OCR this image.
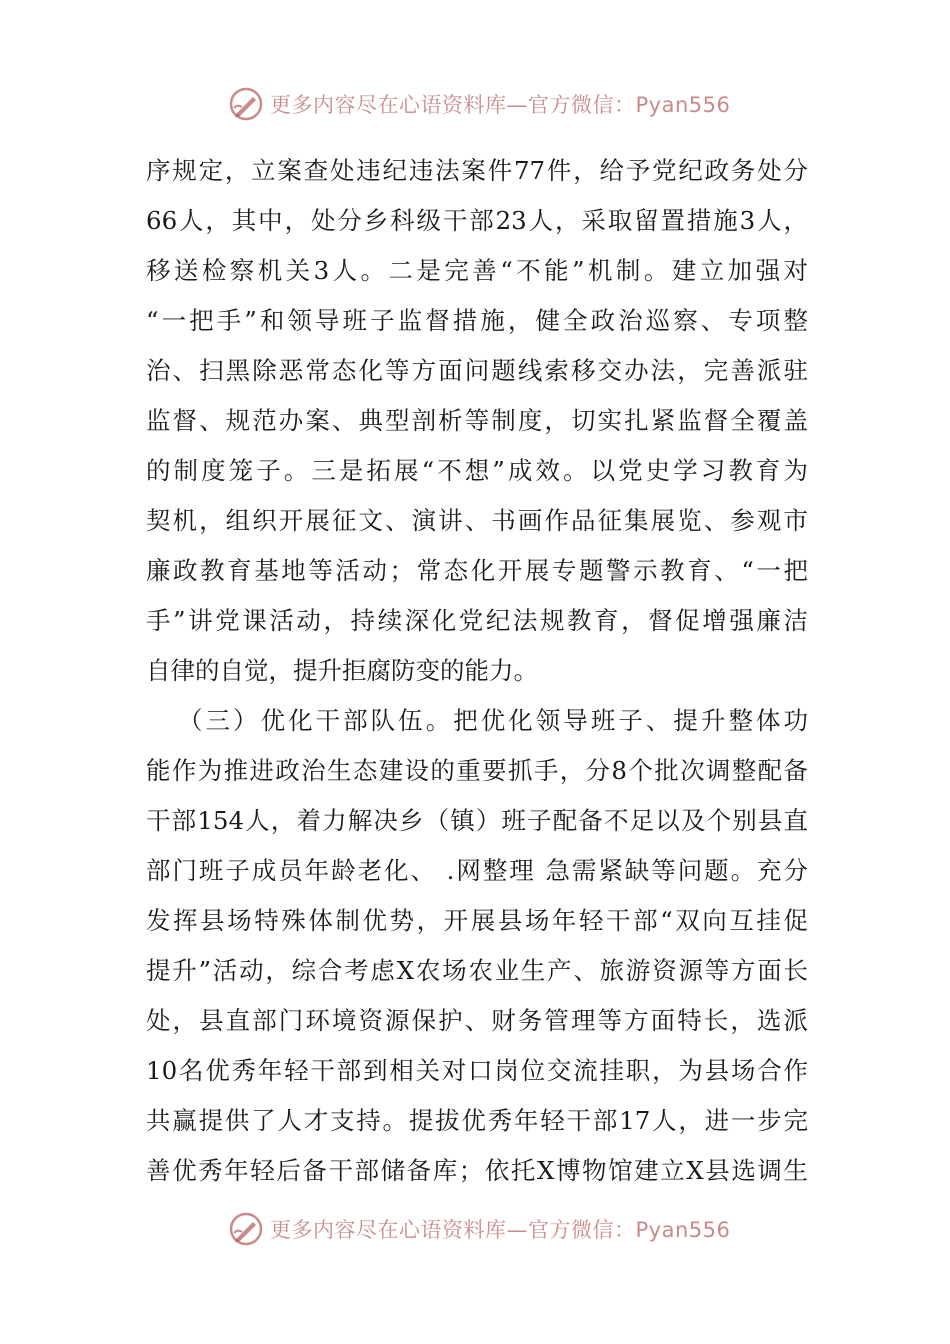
更多内容尽在心语资料库—官方微信：Pyan556
序规定，立案查处违纪违法案件77件，给予党纪政务处分
66人，其中，处分乡科级干部23人，采取留置措施3人，
移送检察机关3人。二是完善“不能”机制。建立加强对
“一把手”和领导班子监督措施，健全政治巡察、专项整
治、扫黑除恶常态化等方面问题线索移交办法，完善派驻
监督、规范办案、典型剖析等制度，切实扎紧监督全覆盖
的制度笼子。三是拓展“不想”成效。以党史学习教育为
契机，组织开展征文、演讲、书画作品征集展览、参观市
廉政教育基地等活动；常态化开展专题警示教育、“一把
手”讲党课活动，持续深化党纪法规教育，督促增强廉洁
自律的自觉，提升拒腐防变的能力。
（三）优化干部队伍。把优化领导班子、提升整体功
能作为推进政治生态建设的重要抓手，分8个批次调整配备
干部154人，着力解决乡（镇）班子配备不足以及个别县直
部门班子成员年龄老化、 .网整理 急需紧缺等问题。充分
发挥县场特殊体制优势，开展县场年轻干部“双向互挂促
提升”活动，综合考虑X农场农业生产、旅游资源等方面长
处，县直部门环境资源保护、财务管理等方面特长，选派
10名优秀年轻干部到相关对口岗位交流挂职，为县场合作
共赢提供了人才支持。提拔优秀年轻干部17人，进一步完
善优秀年轻后备干部储备库；依托X博物馆建立X县选调生
更多内容尽在心语资料库—官方微信：Pyan556
